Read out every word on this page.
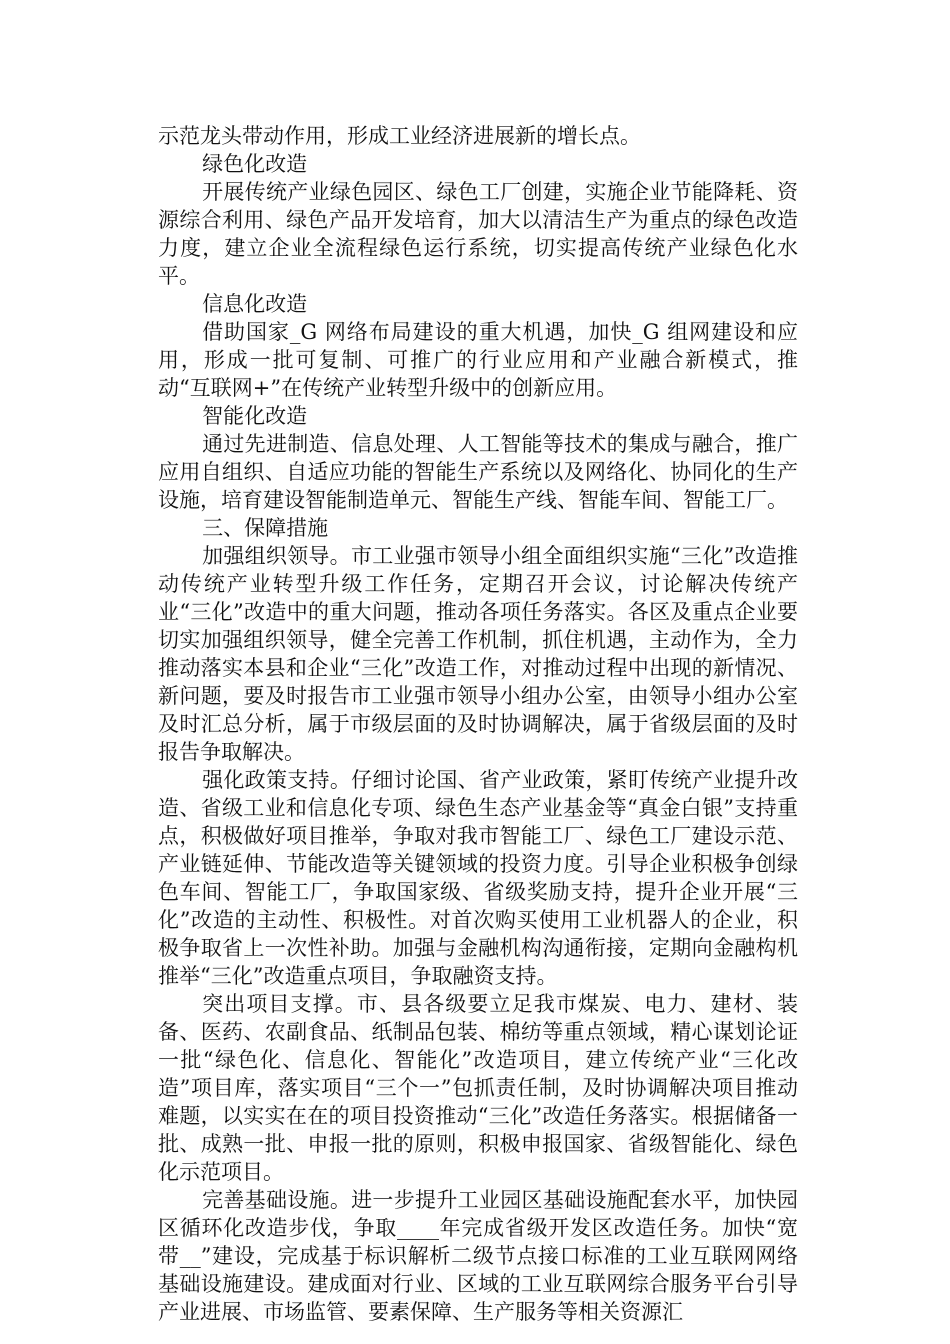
示范龙头带动作用，形成工业经济进展新的增长点。

绿色化改造

开展传统产业绿色园区、绿色工厂创建，实施企业节能降耗、资源综合利用、绿色产品开发培育，加大以清洁生产为重点的绿色改造力度，建立企业全流程绿色运行系统，切实提高传统产业绿色化水平。

信息化改造

借助国家_G 网络布局建设的重大机遇，加快_G 组网建设和应用，形成一批可复制、可推广的行业应用和产业融合新模式，推动“互联网+”在传统产业转型升级中的创新应用。

智能化改造

通过先进制造、信息处理、人工智能等技术的集成与融合，推广应用自组织、自适应功能的智能生产系统以及网络化、协同化的生产设施，培育建设智能制造单元、智能生产线、智能车间、智能工厂。

三、保障措施

加强组织领导。市工业强市领导小组全面组织实施“三化”改造推动传统产业转型升级工作任务，定期召开会议，讨论解决传统产业“三化”改造中的重大问题，推动各项任务落实。各区及重点企业要切实加强组织领导，健全完善工作机制，抓住机遇，主动作为，全力推动落实本县和企业“三化”改造工作，对推动过程中出现的新情况、新问题，要及时报告市工业强市领导小组办公室，由领导小组办公室及时汇总分析，属于市级层面的及时协调解决，属于省级层面的及时报告争取解决。

强化政策支持。仔细讨论国、省产业政策，紧盯传统产业提升改造、省级工业和信息化专项、绿色生态产业基金等“真金白银”支持重点，积极做好项目推举，争取对我市智能工厂、绿色工厂建设示范、产业链延伸、节能改造等关键领域的投资力度。引导企业积极争创绿色车间、智能工厂，争取国家级、省级奖励支持，提升企业开展“三化”改造的主动性、积极性。对首次购买使用工业机器人的企业，积极争取省上一次性补助。加强与金融机构沟通衔接，定期向金融构机推举“三化”改造重点项目，争取融资支持。

突出项目支撑。市、县各级要立足我市煤炭、电力、建材、装备、医药、农副食品、纸制品包装、棉纺等重点领域，精心谋划论证一批“绿色化、信息化、智能化”改造项目，建立传统产业“三化改造”项目库，落实项目“三个一”包抓责任制，及时协调解决项目推动难题，以实实在在的项目投资推动“三化”改造任务落实。根据储备一批、成熟一批、申报一批的原则，积极申报国家、省级智能化、绿色化示范项目。

完善基础设施。进一步提升工业园区基础设施配套水平，加快园区循环化改造步伐，争取____年完成省级开发区改造任务。加快“宽带__”建设，完成基于标识解析二级节点接口标准的工业互联网网络基础设施建设。建成面对行业、区域的工业互联网综合服务平台引导产业进展、市场监管、要素保障、生产服务等相关资源汇
